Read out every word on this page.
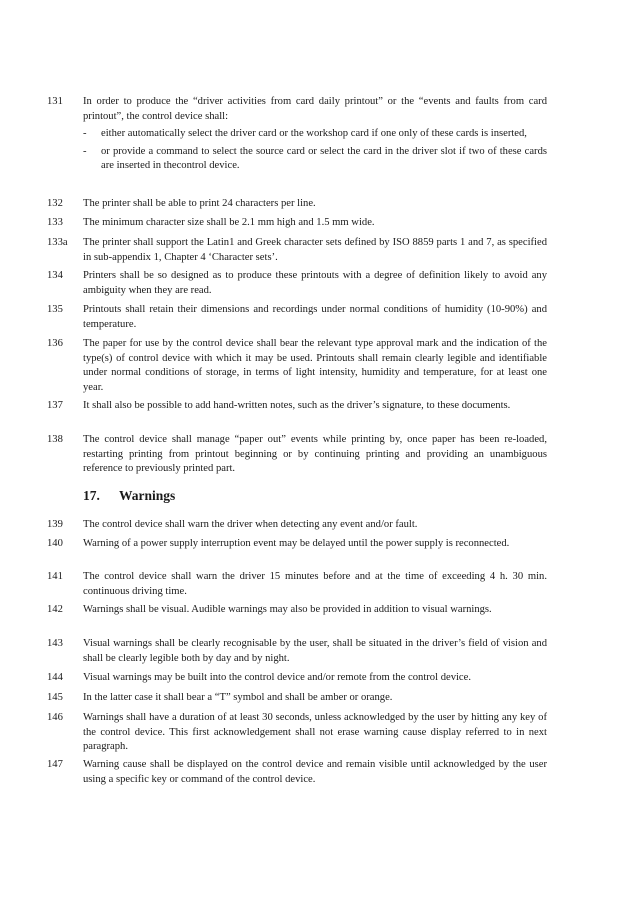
131	In order to produce the “driver activities from card daily printout” or the “events and faults from card printout”, the control device shall:
- either automatically select the driver card or the workshop card if one only of these cards is inserted,
- or provide a command to select the source card or select the card in the driver slot if two of these cards are inserted in thecontrol device.
132	The printer shall be able to print 24 characters per line.
133	The minimum character size shall be 2.1 mm high and 1.5 mm wide.
133a	The printer shall support the Latin1 and Greek character sets defined by ISO 8859 parts 1 and 7, as specified in sub-appendix 1, Chapter 4 ‘Character sets’.
134	Printers shall be so designed as to produce these printouts with a degree of definition likely to avoid any ambiguity when they are read.
135	Printouts shall retain their dimensions and recordings under normal conditions of humidity (10-90%) and temperature.
136	The paper for use by the control device shall bear the relevant type approval mark and the indication of the type(s) of control device with which it may be used. Printouts shall remain clearly legible and identifiable under normal conditions of storage, in terms of light intensity, humidity and temperature, for at least one year.
137	It shall also be possible to add hand-written notes, such as the driver’s signature, to these documents.
138	The control device shall manage “paper out” events while printing by, once paper has been re-loaded, restarting printing from printout beginning or by continuing printing and providing an unambiguous reference to previously printed part.
17. Warnings
139	The control device shall warn the driver when detecting any event and/or fault.
140	Warning of a power supply interruption event may be delayed until the power supply is reconnected.
141	The control device shall warn the driver 15 minutes before and at the time of exceeding 4 h. 30 min. continuous driving time.
142	Warnings shall be visual. Audible warnings may also be provided in addition to visual warnings.
143	Visual warnings shall be clearly recognisable by the user, shall be situated in the driver’s field of vision and shall be clearly legible both by day and by night.
144	Visual warnings may be built into the control device and/or remote from the control device.
145	In the latter case it shall bear a “T” symbol and shall be amber or orange.
146	Warnings shall have a duration of at least 30 seconds, unless acknowledged by the user by hitting any key of the control device. This first acknowledgement shall not erase warning cause display referred to in next paragraph.
147	Warning cause shall be displayed on the control device and remain visible until acknowledged by the user using a specific key or command of the control device.
